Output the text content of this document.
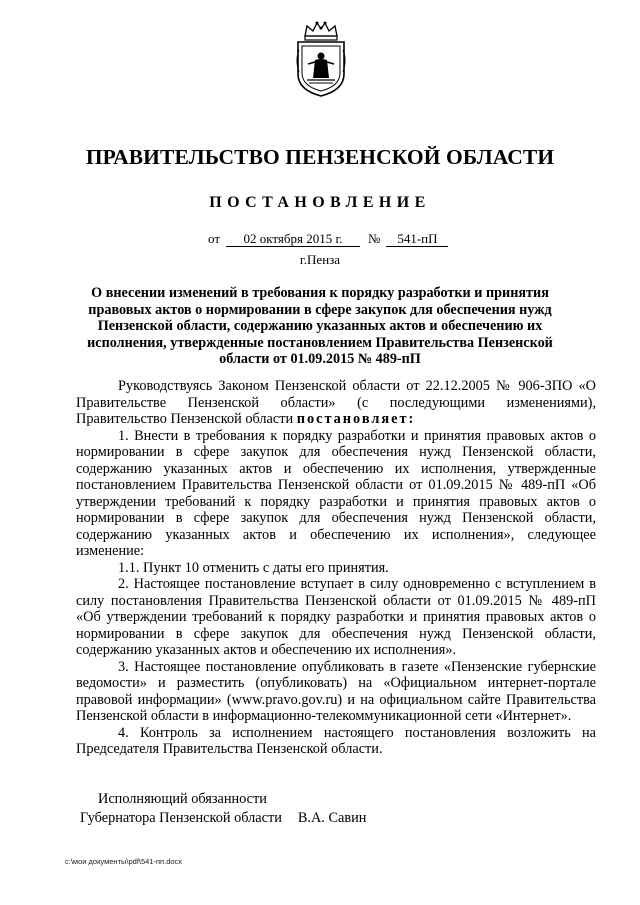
ПРАВИТЕЛЬСТВО ПЕНЗЕНСКОЙ ОБЛАСТИ
ПОСТАНОВЛЕНИЕ
от 02 октября 2015 г. № 541-пП
г.Пенза
О внесении изменений в требования к порядку разработки и принятия правовых актов о нормировании в сфере закупок для обеспечения нужд Пензенской области, содержанию указанных актов и обеспечению их исполнения, утвержденные постановлением Правительства Пензенской области от 01.09.2015 № 489-пП

Руководствуясь Законом Пензенской области от 22.12.2005 № 906-ЗПО «О Правительстве Пензенской области» (с последующими изменениями), Правительство Пензенской области постановляет:

1. Внести в требования к порядку разработки и принятия правовых актов о нормировании в сфере закупок для обеспечения нужд Пензенской области, содержанию указанных актов и обеспечению их исполнения, утвержденные постановлением Правительства Пензенской области от 01.09.2015 № 489-пП «Об утверждении требований к порядку разработки и принятия правовых актов о нормировании в сфере закупок для обеспечения нужд Пензенской области, содержанию указанных актов и обеспечению их исполнения», следующее изменение:

1.1. Пункт 10 отменить с даты его принятия.

2. Настоящее постановление вступает в силу одновременно с вступлением в силу постановления Правительства Пензенской области от 01.09.2015 № 489-пП «Об утверждении требований к порядку разработки и принятия правовых актов о нормировании в сфере закупок для обеспечения нужд Пензенской области, содержанию указанных актов и обеспечению их исполнения».

3. Настоящее постановление опубликовать в газете «Пензенские губернские ведомости» и разместить (опубликовать) на «Официальном интернет-портале правовой информации» (www.pravo.gov.ru) и на официальном сайте Правительства Пензенской области в информационно-телекоммуникационной сети «Интернет».

4. Контроль за исполнением настоящего постановления возложить на Председателя Правительства Пензенской области.

Исполняющий обязанности
Губернатора Пензенской области В.А. Савин
c:\мои документы\pdf\541-пп.docx
